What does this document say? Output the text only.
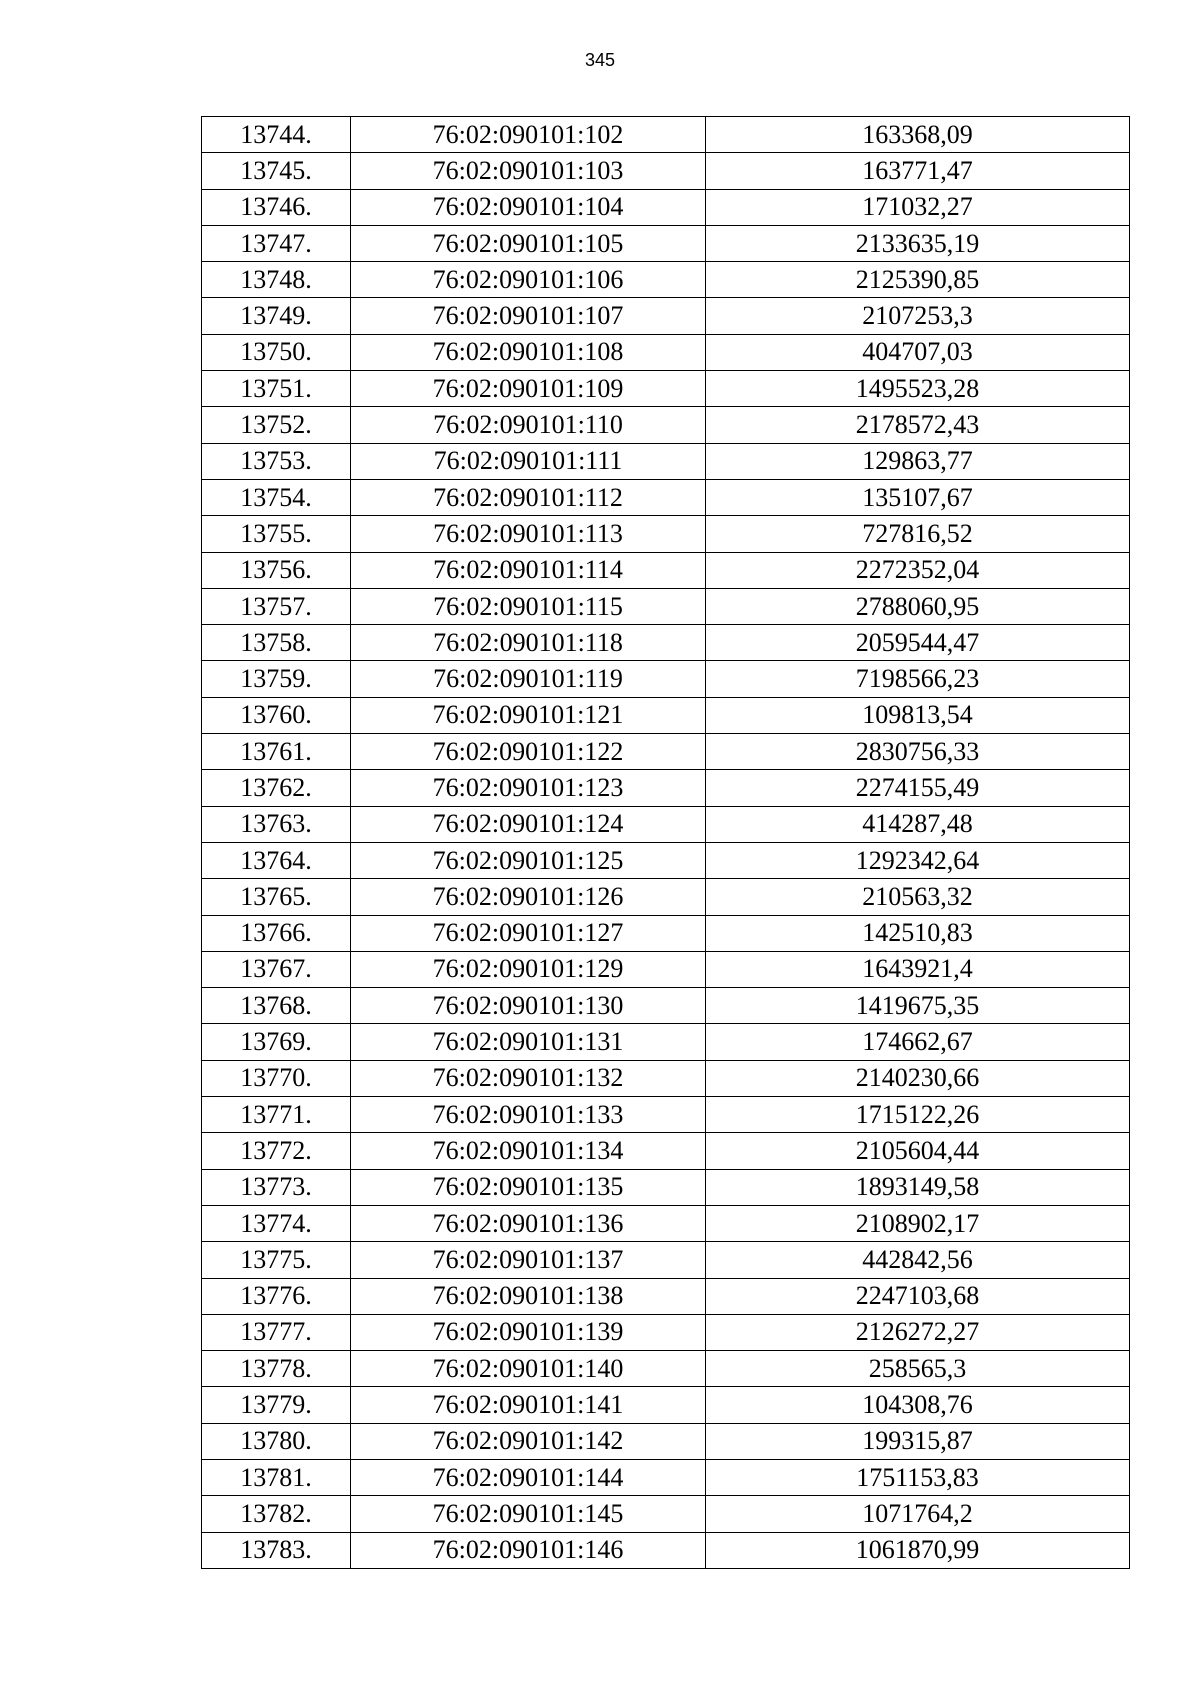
345
13744.	76:02:090101:102	163368,09
13745.	76:02:090101:103	163771,47
13746.	76:02:090101:104	171032,27
13747.	76:02:090101:105	2133635,19
13748.	76:02:090101:106	2125390,85
13749.	76:02:090101:107	2107253,3
13750.	76:02:090101:108	404707,03
13751.	76:02:090101:109	1495523,28
13752.	76:02:090101:110	2178572,43
13753.	76:02:090101:111	129863,77
13754.	76:02:090101:112	135107,67
13755.	76:02:090101:113	727816,52
13756.	76:02:090101:114	2272352,04
13757.	76:02:090101:115	2788060,95
13758.	76:02:090101:118	2059544,47
13759.	76:02:090101:119	7198566,23
13760.	76:02:090101:121	109813,54
13761.	76:02:090101:122	2830756,33
13762.	76:02:090101:123	2274155,49
13763.	76:02:090101:124	414287,48
13764.	76:02:090101:125	1292342,64
13765.	76:02:090101:126	210563,32
13766.	76:02:090101:127	142510,83
13767.	76:02:090101:129	1643921,4
13768.	76:02:090101:130	1419675,35
13769.	76:02:090101:131	174662,67
13770.	76:02:090101:132	2140230,66
13771.	76:02:090101:133	1715122,26
13772.	76:02:090101:134	2105604,44
13773.	76:02:090101:135	1893149,58
13774.	76:02:090101:136	2108902,17
13775.	76:02:090101:137	442842,56
13776.	76:02:090101:138	2247103,68
13777.	76:02:090101:139	2126272,27
13778.	76:02:090101:140	258565,3
13779.	76:02:090101:141	104308,76
13780.	76:02:090101:142	199315,87
13781.	76:02:090101:144	1751153,83
13782.	76:02:090101:145	1071764,2
13783.	76:02:090101:146	1061870,99
